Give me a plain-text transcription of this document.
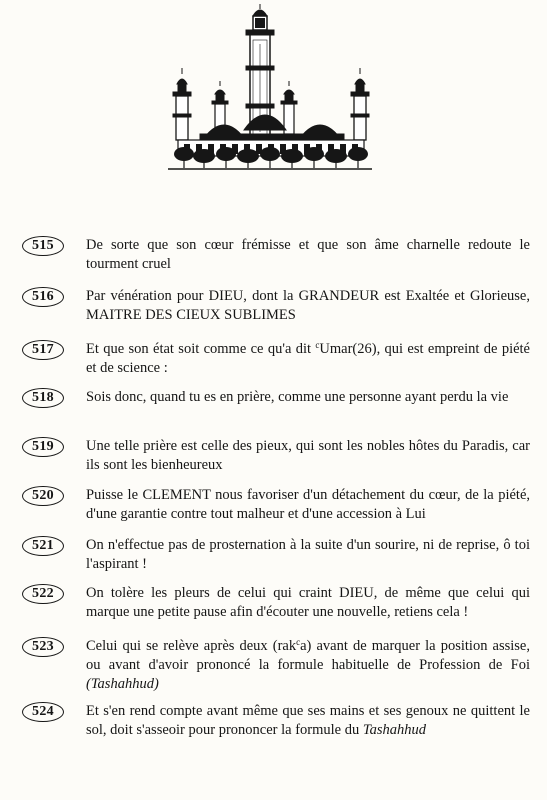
515	De sorte que son cœur frémisse et que son âme charnelle redoute le tourment cruel
516	Par vénération pour DIEU, dont la GRANDEUR est Exaltée et Glorieuse, MAITRE DES CIEUX SUBLIMES
517	Et que son état soit comme ce qu'a dit $^c$Umar(26), qui est empreint de piété et de science :
518	Sois donc, quand tu es en prière, comme une personne ayant perdu la vie
519	Une telle prière est celle des pieux, qui sont les nobles hôtes du Paradis, car ils sont les bienheureux
520	Puisse le CLEMENT nous favoriser d'un détachement du cœur, de la piété, d'une garantie contre tout malheur et d'une accession à Lui
521	On n'effectue pas de prosternation à la suite d'un sourire, ni de reprise, ô toi l'aspirant !
522	On tolère les pleurs de celui qui craint DIEU, de même que celui qui marque une petite pause afin d'écouter une nouvelle, retiens cela !
523	Celui qui se relève après deux (rak$^c$a) avant de marquer la position assise, ou avant d'avoir prononcé la formule habituelle de Profession de Foi (Tashahhud)
524	Et s'en rend compte avant même que ses mains et ses genoux ne quittent le sol, doit s'asseoir pour prononcer la formule du Tashahhud
